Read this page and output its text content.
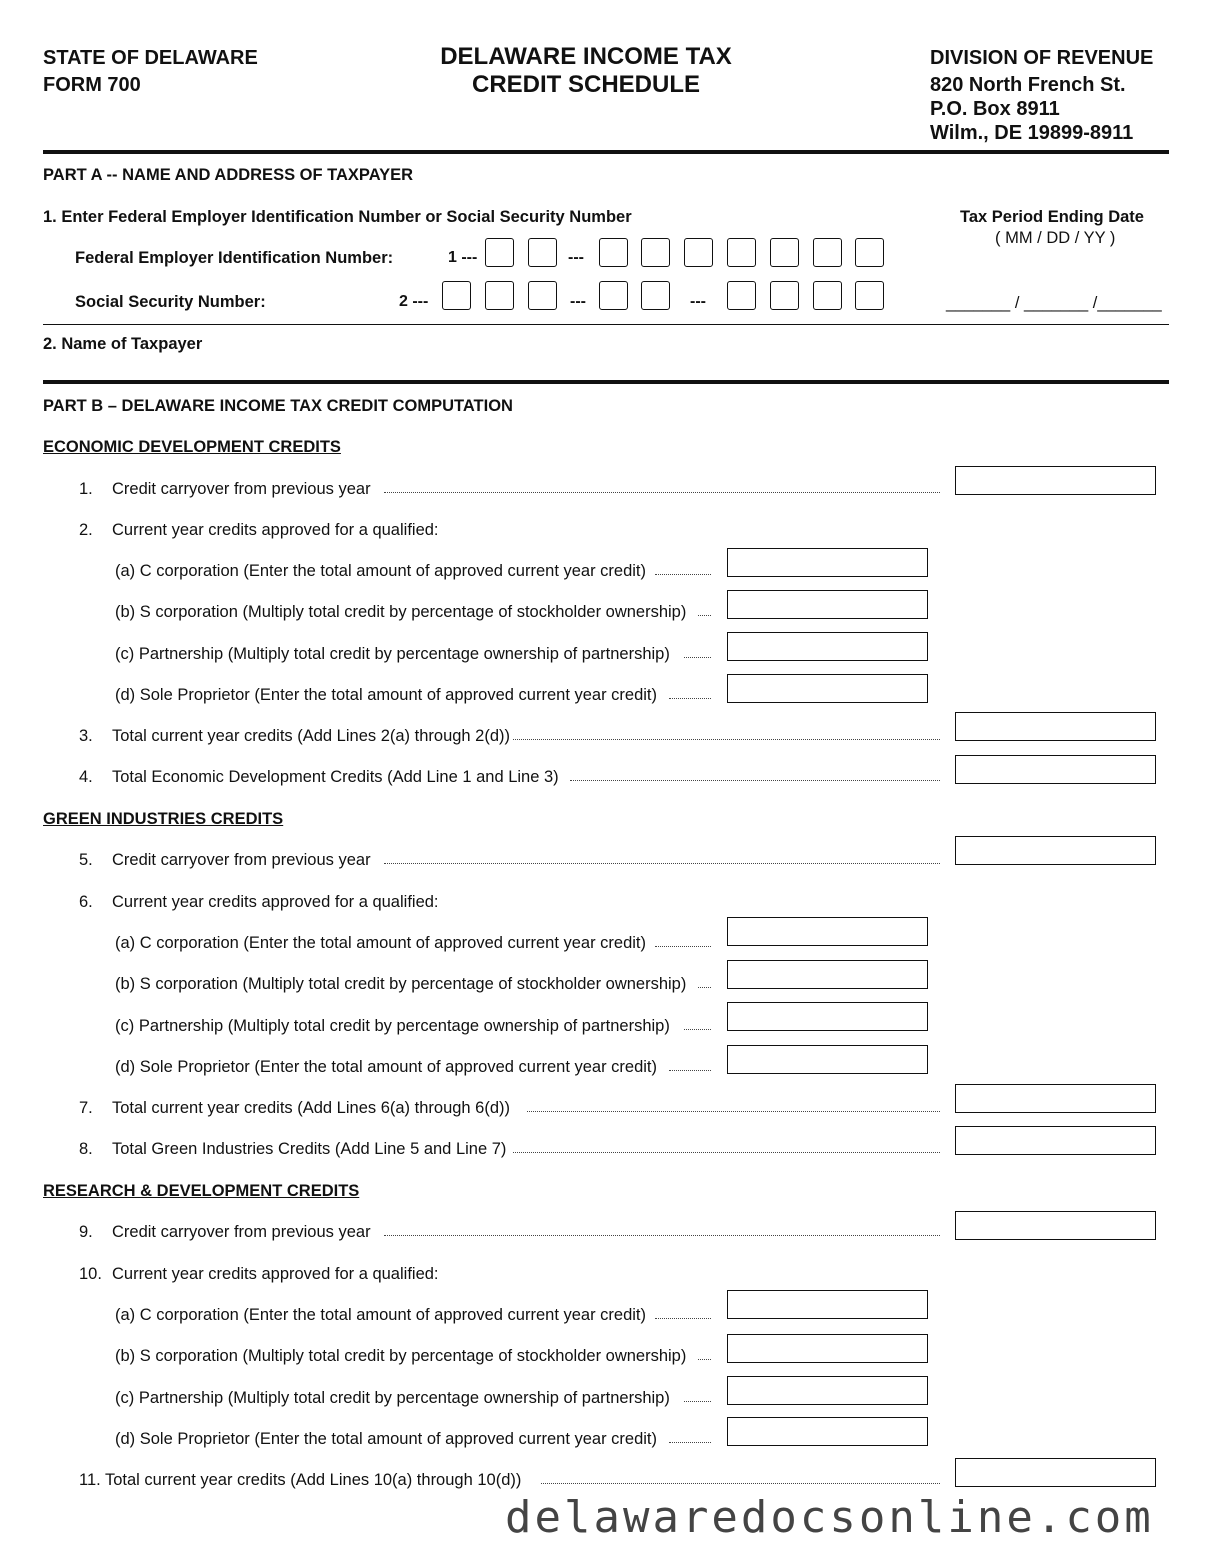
STATE OF DELAWARE
FORM 700
DELAWARE INCOME TAX
CREDIT SCHEDULE
DIVISION OF REVENUE
820 North French St.
P.O. Box 8911
Wilm., DE 19899-8911
PART A -- NAME AND ADDRESS OF TAXPAYER
1. Enter Federal Employer Identification Number or Social Security Number	Tax Period Ending Date
( MM / DD / YY )
Federal Employer Identification Number:	1 ---	---
Social Security Number:	2 ---	---	---	_______ / _______ /_______
2. Name of Taxpayer
PART B – DELAWARE INCOME TAX CREDIT COMPUTATION
ECONOMIC DEVELOPMENT CREDITS
1. Credit carryover from previous year
2. Current year credits approved for a qualified:
(a) C corporation (Enter the total amount of approved current year credit)
(b) S corporation (Multiply total credit by percentage of stockholder ownership)
(c) Partnership (Multiply total credit by percentage ownership of partnership)
(d) Sole Proprietor (Enter the total amount of approved current year credit)
3. Total current year credits (Add Lines 2(a) through 2(d))
4. Total Economic Development Credits (Add Line 1 and Line 3)
GREEN INDUSTRIES CREDITS
5. Credit carryover from previous year
6. Current year credits approved for a qualified:
(a) C corporation (Enter the total amount of approved current year credit)
(b) S corporation (Multiply total credit by percentage of stockholder ownership)
(c) Partnership (Multiply total credit by percentage ownership of partnership)
(d) Sole Proprietor (Enter the total amount of approved current year credit)
7. Total current year credits (Add Lines 6(a) through 6(d))
8. Total Green Industries Credits (Add Line 5 and Line 7)
RESEARCH & DEVELOPMENT CREDITS
9. Credit carryover from previous year
10. Current year credits approved for a qualified:
(a) C corporation (Enter the total amount of approved current year credit)
(b) S corporation (Multiply total credit by percentage of stockholder ownership)
(c) Partnership (Multiply total credit by percentage ownership of partnership)
(d) Sole Proprietor (Enter the total amount of approved current year credit)
11. Total current year credits (Add Lines 10(a) through 10(d))
delawaredocsonline.com
